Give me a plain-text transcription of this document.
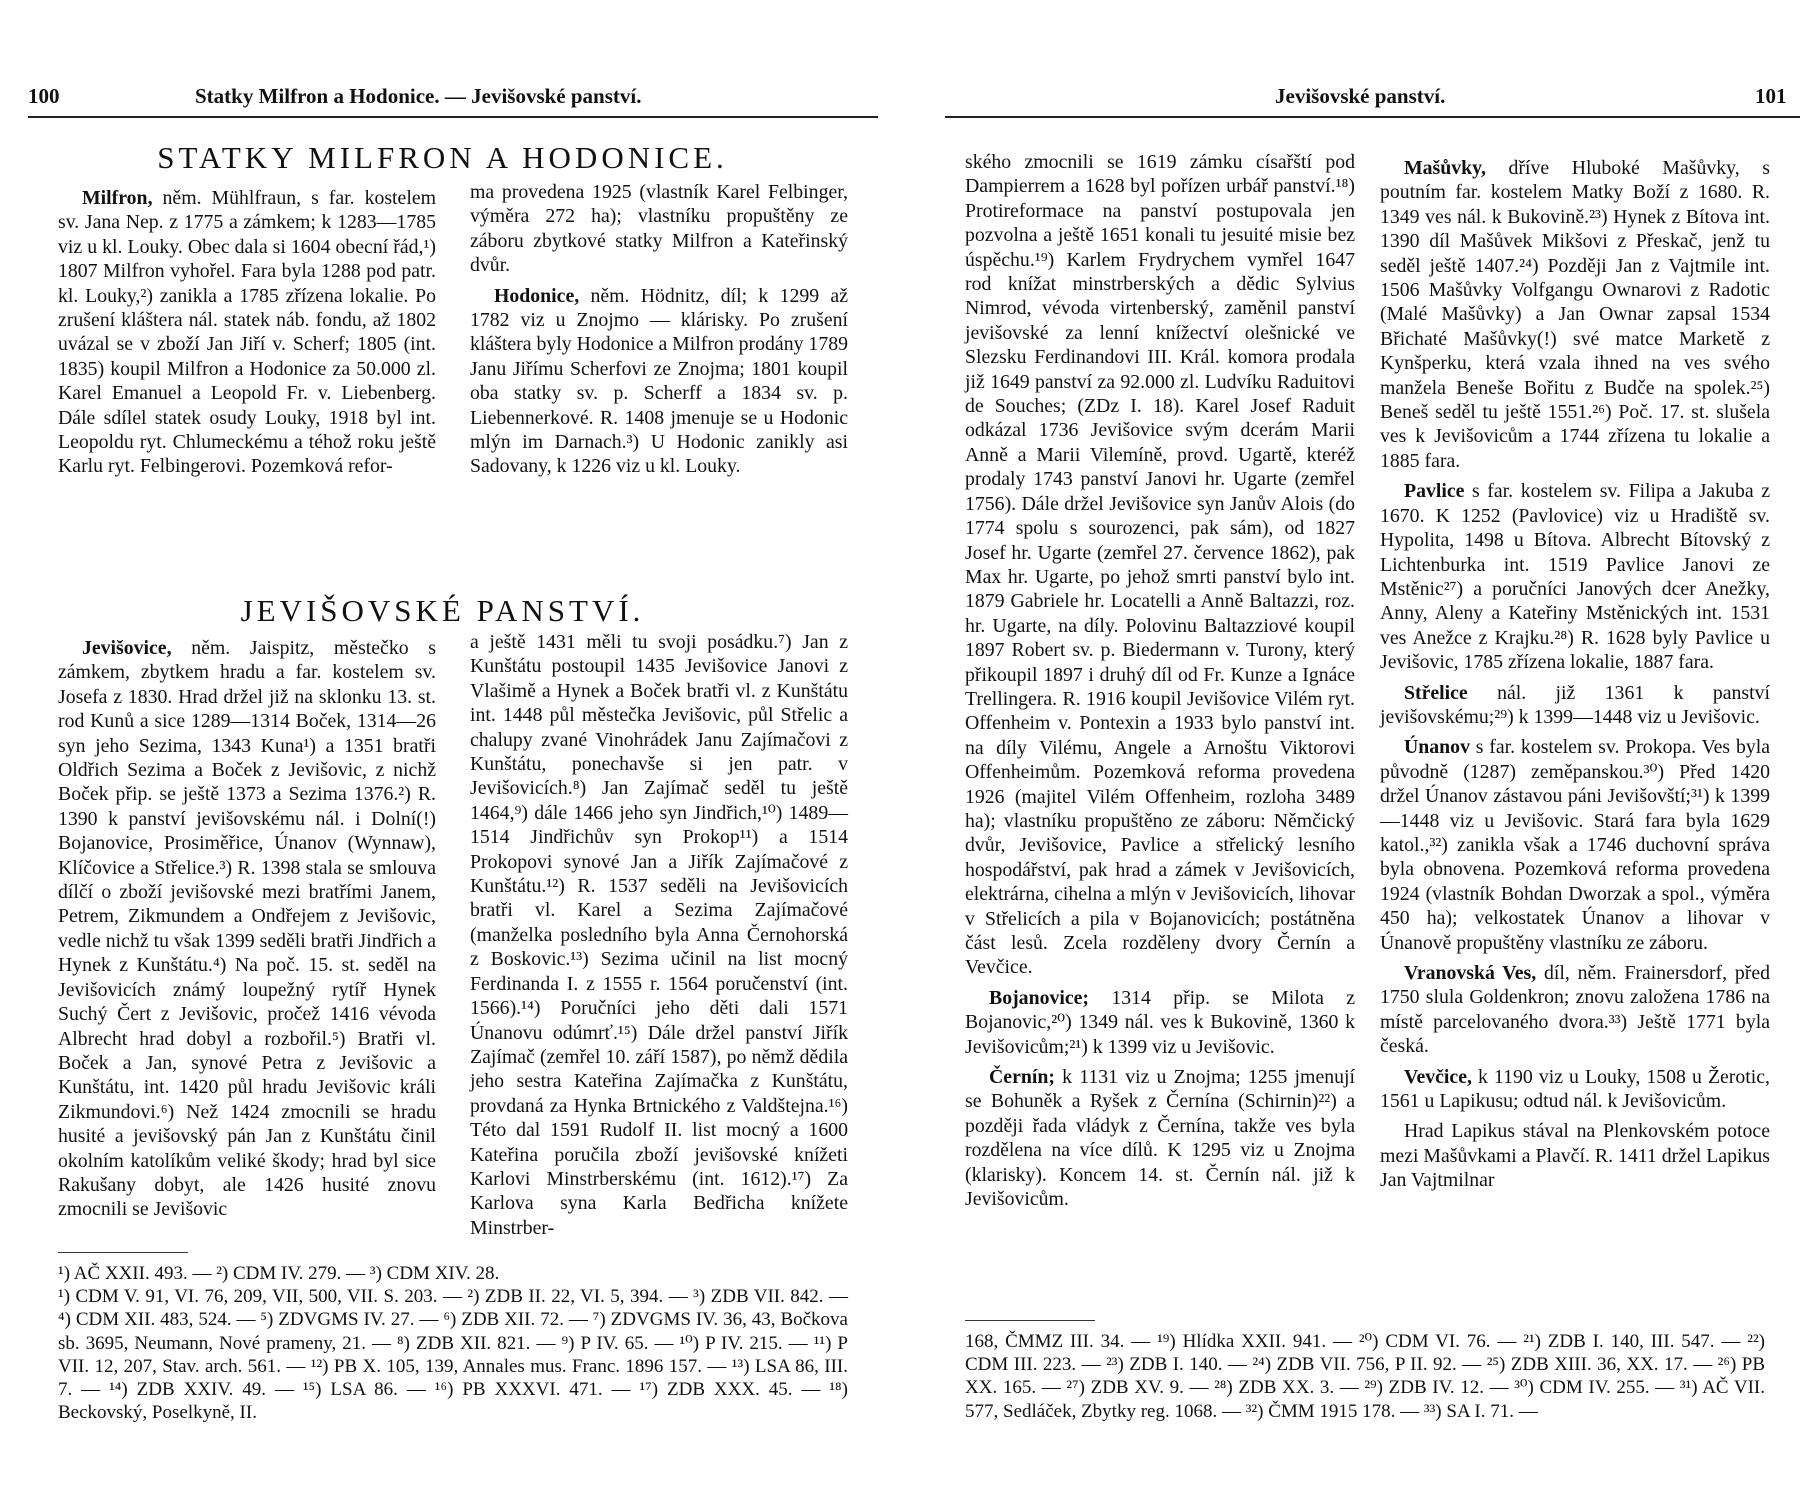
100	Statky Milfron a Hodonice. — Jevišovské panství.
STATKY MILFRON A HODONICE.

Milfron, něm. Mühlfraun, s far. kostelem sv. Jana Nep. z 1775 a zámkem; k 1283—1785 viz u kl. Louky. Obec dala si 1604 obecní řád,¹) 1807 Milfron vyhořel. Fara byla 1288 pod patr. kl. Louky,²) zanikla a 1785 zřízena lokalie. Po zrušení kláštera nál. statek náb. fondu, až 1802 uvázal se v zboží Jan Jiří v. Scherf; 1805 (int. 1835) koupil Milfron a Hodonice za 50.000 zl. Karel Emanuel a Leopold Fr. v. Liebenberg. Dále sdílel statek osudy Louky, 1918 byl int. Leopoldu ryt. Chlumeckému a téhož roku ještě Karlu ryt. Felbingerovi. Pozemková refor-

ma provedena 1925 (vlastník Karel Felbinger, výměra 272 ha); vlastníku propuštěny ze záboru zbytkové statky Milfron a Kateřinský dvůr.

Hodonice, něm. Hödnitz, díl; k 1299 až 1782 viz u Znojmo — klárisky. Po zrušení kláštera byly Hodonice a Milfron prodány 1789 Janu Jiřímu Scherfovi ze Znojma; 1801 koupil oba statky sv. p. Scherff a 1834 sv. p. Liebennerkové. R. 1408 jmenuje se u Hodonic mlýn im Darnach.³) U Hodonic zanikly asi Sadovany, k 1226 viz u kl. Louky.

JEVIŠOVSKÉ PANSTVÍ.

Jevišovice, něm. Jaispitz, městečko s zámkem, zbytkem hradu a far. kostelem sv. Josefa z 1830. Hrad držel již na sklonku 13. st. rod Kunů a sice 1289—1314 Boček, 1314—26 syn jeho Sezima, 1343 Kuna¹) a 1351 bratři Oldřich Sezima a Boček z Jevišovic, z nichž Boček přip. se ještě 1373 a Sezima 1376.²) R. 1390 k panství jevišovskému nál. i Dolní(!) Bojanovice, Prosiměřice, Únanov (Wynnaw), Klíčovice a Střelice.³) R. 1398 stala se smlouva dílčí o zboží jevišovské mezi bratřími Janem, Petrem, Zikmundem a Ondřejem z Jevišovic, vedle nichž tu však 1399 seděli bratři Jindřich a Hynek z Kunštátu.⁴) Na poč. 15. st. seděl na Jevišovicích známý loupežný rytíř Hynek Suchý Čert z Jevišovic, pročež 1416 vévoda Albrecht hrad dobyl a rozbořil.⁵) Bratři vl. Boček a Jan, synové Petra z Jevišovic a Kunštátu, int. 1420 půl hradu Jevišovic králi Zikmundovi.⁶) Než 1424 zmocnili se hradu husité a jevišovský pán Jan z Kunštátu činil okolním katolíkům veliké škody; hrad byl sice Rakušany dobyt, ale 1426 husité znovu zmocnili se Jevišovic

a ještě 1431 měli tu svoji posádku.⁷) Jan z Kunštátu postoupil 1435 Jevišovice Janovi z Vlašimě a Hynek a Boček bratři vl. z Kunštátu int. 1448 půl městečka Jevišovic, půl Střelic a chalupy zvané Vinohrádek Janu Zajímačovi z Kunštátu, ponechavše si jen patr. v Jevišovicích.⁸) Jan Zajímač seděl tu ještě 1464,⁹) dále 1466 jeho syn Jindřich,¹⁰) 1489—1514 Jindřichův syn Prokop¹¹) a 1514 Prokopovi synové Jan a Jiřík Zajímačové z Kunštátu.¹²) R. 1537 seděli na Jevišovicích bratři vl. Karel a Sezima Zajímačové (manželka posledního byla Anna Černohorská z Boskovic.¹³) Sezima učinil na list mocný Ferdinanda I. z 1555 r. 1564 poručenství (int. 1566).¹⁴) Poručníci jeho děti dali 1571 Únanovu odúmrť.¹⁵) Dále držel panství Jiřík Zajímač (zemřel 10. září 1587), po němž dědila jeho sestra Kateřina Zajímačka z Kunštátu, provdaná za Hynka Brtnického z Valdštejna.¹⁶) Této dal 1591 Rudolf II. list mocný a 1600 Kateřina poručila zboží jevišovské knížeti Karlovi Minstrberskému (int. 1612).¹⁷) Za Karlova syna Karla Bedřicha knížete Minstrber-

¹) AČ XXII. 493. — ²) CDM IV. 279. — ³) CDM XIV. 28.
¹) CDM V. 91, VI. 76, 209, VII, 500, VII. S. 203. — ²) ZDB II. 22, VI. 5, 394. — ³) ZDB VII. 842. — ⁴) CDM XII. 483, 524. — ⁵) ZDVGMS IV. 27. — ⁶) ZDB XII. 72. — ⁷) ZDVGMS IV. 36, 43, Bočkova sb. 3695, Neumann, Nové prameny, 21. — ⁸) ZDB XII. 821. — ⁹) P IV. 65. — ¹⁰) P IV. 215. — ¹¹) P VII. 12, 207, Stav. arch. 561. — ¹²) PB X. 105, 139, Annales mus. Franc. 1896 157. — ¹³) LSA 86, III. 7. — ¹⁴) ZDB XXIV. 49. — ¹⁵) LSA 86. — ¹⁶) PB XXXVI. 471. — ¹⁷) ZDB XXX. 45. — ¹⁸) Beckovský, Poselkyně, II.
Jevišovské panství.	101

ského zmocnili se 1619 zámku císařští pod Dampierrem a 1628 byl pořízen urbář panství.¹⁸) Protireformace na panství postupovala jen pozvolna a ještě 1651 konali tu jesuité misie bez úspěchu.¹⁹) Karlem Frydrychem vymřel 1647 rod knížat minstrberských a dědic Sylvius Nimrod, vévoda virtenberský, zaměnil panství jevišovské za lenní knížectví olešnické ve Slezsku Ferdinandovi III. Král. komora prodala již 1649 panství za 92.000 zl. Ludvíku Raduitovi de Souches; (ZDz I. 18). Karel Josef Raduit odkázal 1736 Jevišovice svým dcerám Marii Anně a Marii Vilemíně, provd. Ugartě, kteréž prodaly 1743 panství Janovi hr. Ugarte (zemřel 1756). Dále držel Jevišovice syn Janův Alois (do 1774 spolu s sourozenci, pak sám), od 1827 Josef hr. Ugarte (zemřel 27. července 1862), pak Max hr. Ugarte, po jehož smrti panství bylo int. 1879 Gabriele hr. Locatelli a Anně Baltazzi, roz. hr. Ugarte, na díly. Polovinu Baltazziové koupil 1897 Robert sv. p. Biedermann v. Turony, který přikoupil 1897 i druhý díl od Fr. Kunze a Ignáce Trellingera. R. 1916 koupil Jevišovice Vilém ryt. Offenheim v. Pontexin a 1933 bylo panství int. na díly Vilému, Angele a Arnoštu Viktorovi Offenheimům. Pozemková reforma provedena 1926 (majitel Vilém Offenheim, rozloha 3489 ha); vlastníku propuštěno ze záboru: Němčický dvůr, Jevišovice, Pavlice a střelický lesního hospodářství, pak hrad a zámek v Jevišovicích, elektrárna, cihelna a mlýn v Jevišovicích, lihovar v Střelicích a pila v Bojanovicích; postátněna část lesů. Zcela rozděleny dvory Černín a Vevčice.

Bojanovice; 1314 přip. se Milota z Bojanovic,²⁰) 1349 nál. ves k Bukovině, 1360 k Jevišovicům;²¹) k 1399 viz u Jevišovic.

Černín; k 1131 viz u Znojma; 1255 jmenují se Bohuněk a Ryšek z Černína (Schirnin)²²) a později řada vládyk z Černína, takže ves byla rozdělena na více dílů. K 1295 viz u Znojma (klarisky). Koncem 14. st. Černín nál. již k Jevišovicům.

Mašůvky, dříve Hluboké Mašůvky, s poutním far. kostelem Matky Boží z 1680. R. 1349 ves nál. k Bukovině.²³) Hynek z Bítova int. 1390 díl Mašůvek Mikšovi z Přeskač, jenž tu seděl ještě 1407.²⁴) Později Jan z Vajtmile int. 1506 Mašůvky Volfgangu Ownarovi z Radotic (Malé Mašůvky) a Jan Ownar zapsal 1534 Břichaté Mašůvky(!) své matce Marketě z Kynšperku, která vzala ihned na ves svého manžela Beneše Bořitu z Budče na spolek.²⁵) Beneš seděl tu ještě 1551.²⁶) Poč. 17. st. slušela ves k Jevišovicům a 1744 zřízena tu lokalie a 1885 fara.

Pavlice s far. kostelem sv. Filipa a Jakuba z 1670. K 1252 (Pavlovice) viz u Hradiště sv. Hypolita, 1498 u Bítova. Albrecht Bítovský z Lichtenburka int. 1519 Pavlice Janovi ze Mstěnic²⁷) a poručníci Janových dcer Anežky, Anny, Aleny a Kateřiny Mstěnických int. 1531 ves Anežce z Krajku.²⁸) R. 1628 byly Pavlice u Jevišovic, 1785 zřízena lokalie, 1887 fara.

Střelice nál. již 1361 k panství jevišovskému;²⁹) k 1399—1448 viz u Jevišovic.

Únanov s far. kostelem sv. Prokopa. Ves byla původně (1287) zeměpanskou.³⁰) Před 1420 držel Únanov zástavou páni Jevišovští;³¹) k 1399—1448 viz u Jevišovic. Stará fara byla 1629 katol.,³²) zanikla však a 1746 duchovní správa byla obnovena. Pozemková reforma provedena 1924 (vlastník Bohdan Dworzak a spol., výměra 450 ha); velkostatek Únanov a lihovar v Únanově propuštěny vlastníku ze záboru.

Vranovská Ves, díl, něm. Frainersdorf, před 1750 slula Goldenkron; znovu založena 1786 na místě parcelovaného dvora.³³) Ještě 1771 byla česká.

Vevčice, k 1190 viz u Louky, 1508 u Žerotic, 1561 u Lapikusu; odtud nál. k Jevišovicům.

Hrad Lapikus stával na Plenkovském potoce mezi Mašůvkami a Plavčí. R. 1411 držel Lapikus Jan Vajtmilnar

168, ČMMZ III. 34. — ¹⁹) Hlídka XXII. 941. — ²⁰) CDM VI. 76. — ²¹) ZDB I. 140, III. 547. — ²²) CDM III. 223. — ²³) ZDB I. 140. — ²⁴) ZDB VII. 756, P II. 92. — ²⁵) ZDB XIII. 36, XX. 17. — ²⁶) PB XX. 165. — ²⁷) ZDB XV. 9. — ²⁸) ZDB XX. 3. — ²⁹) ZDB IV. 12. — ³⁰) CDM IV. 255. — ³¹) AČ VII. 577, Sedláček, Zbytky reg. 1068. — ³²) ČMM 1915 178. — ³³) SA I. 71. —
